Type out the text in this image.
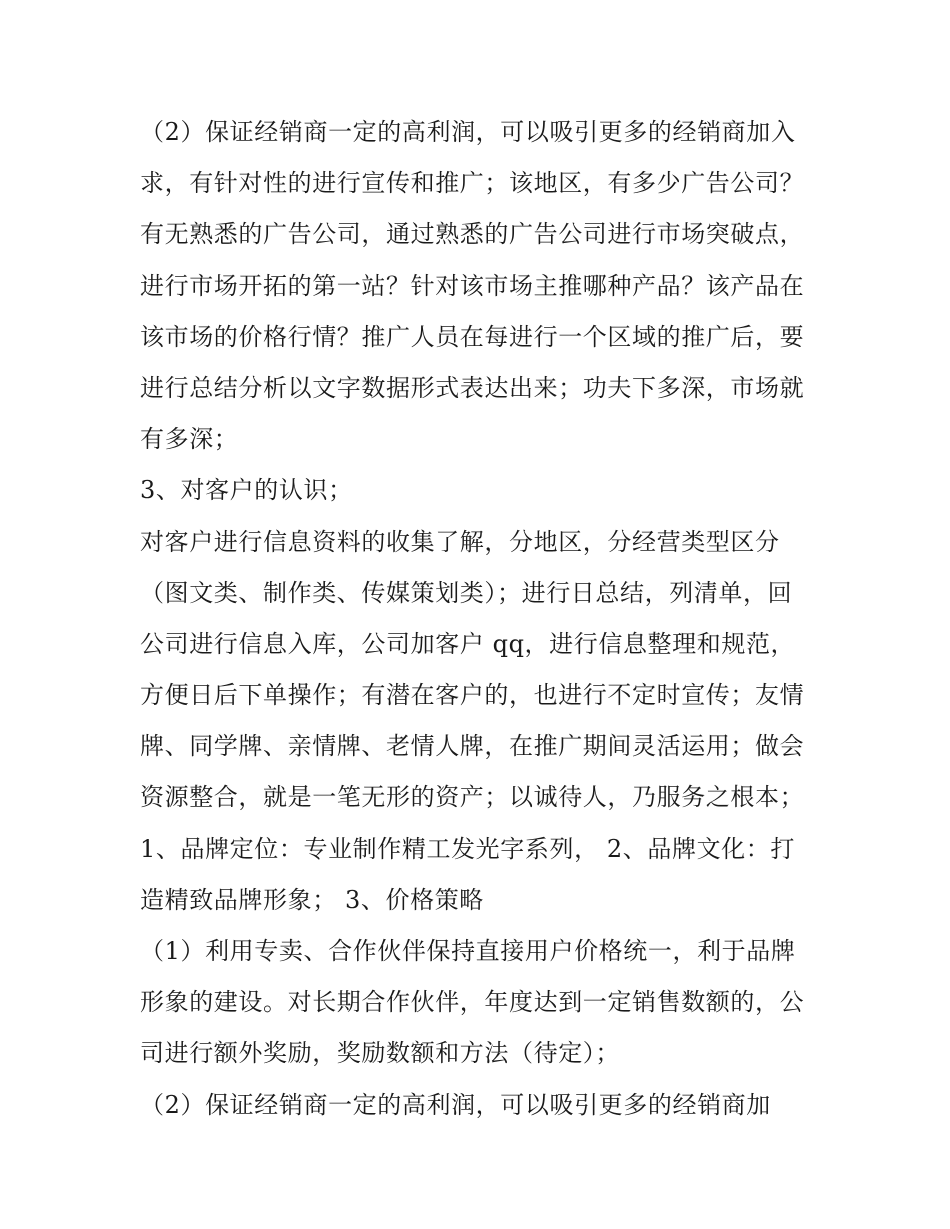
（2）保证经销商一定的高利润，可以吸引更多的经销商加入
求，有针对性的进行宣传和推广；该地区，有多少广告公司？
有无熟悉的广告公司，通过熟悉的广告公司进行市场突破点，
进行市场开拓的第一站？针对该市场主推哪种产品？该产品在
该市场的价格行情？推广人员在每进行一个区域的推广后，要
进行总结分析以文字数据形式表达出来；功夫下多深，市场就
有多深；
3、对客户的认识；
对客户进行信息资料的收集了解，分地区，分经营类型区分
（图文类、制作类、传媒策划类）；进行日总结，列清单，回
公司进行信息入库，公司加客户 qq，进行信息整理和规范，
方便日后下单操作；有潜在客户的，也进行不定时宣传；友情
牌、同学牌、亲情牌、老情人牌，在推广期间灵活运用；做会
资源整合，就是一笔无形的资产；以诚待人，乃服务之根本；
1、品牌定位：专业制作精工发光字系列， 2、品牌文化：打
造精致品牌形象； 3、价格策略
（1）利用专卖、合作伙伴保持直接用户价格统一，利于品牌
形象的建设。对长期合作伙伴，年度达到一定销售数额的，公
司进行额外奖励，奖励数额和方法（待定）；
（2）保证经销商一定的高利润，可以吸引更多的经销商加
